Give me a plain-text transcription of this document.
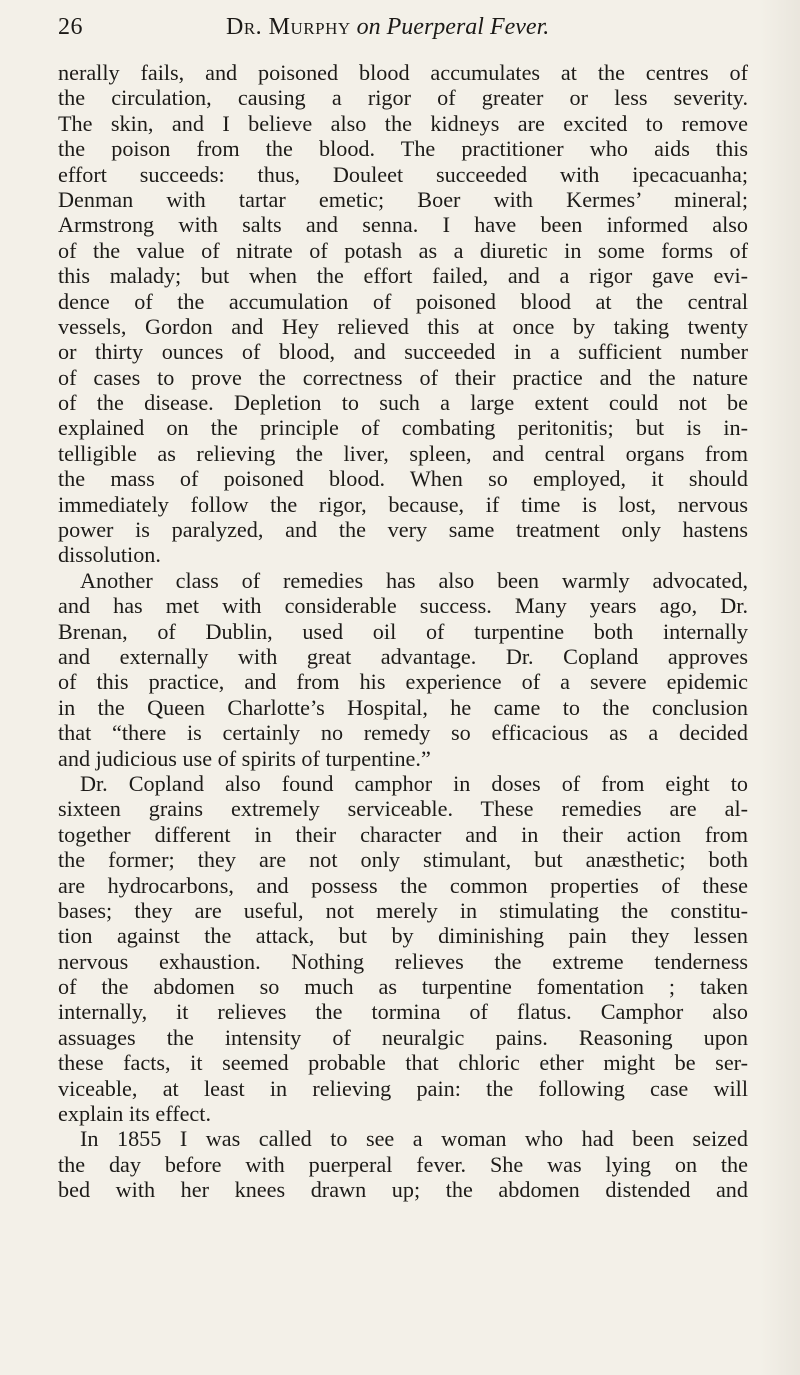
26	Dr. Murphy on Puerperal Fever.
nerally fails, and poisoned blood accumulates at the centres of
the circulation, causing a rigor of greater or less severity.
The skin, and I believe also the kidneys are excited to remove
the poison from the blood. The practitioner who aids this
effort succeeds: thus, Douleet succeeded with ipecacuanha;
Denman with tartar emetic; Boer with Kermes’ mineral;
Armstrong with salts and senna. I have been informed also
of the value of nitrate of potash as a diuretic in some forms of
this malady; but when the effort failed, and a rigor gave evi-
dence of the accumulation of poisoned blood at the central
vessels, Gordon and Hey relieved this at once by taking twenty
or thirty ounces of blood, and succeeded in a sufficient number
of cases to prove the correctness of their practice and the nature
of the disease. Depletion to such a large extent could not be
explained on the principle of combating peritonitis; but is in-
telligible as relieving the liver, spleen, and central organs from
the mass of poisoned blood. When so employed, it should
immediately follow the rigor, because, if time is lost, nervous
power is paralyzed, and the very same treatment only hastens
dissolution.
Another class of remedies has also been warmly advocated,
and has met with considerable success. Many years ago, Dr.
Brenan, of Dublin, used oil of turpentine both internally
and externally with great advantage. Dr. Copland approves
of this practice, and from his experience of a severe epidemic
in the Queen Charlotte’s Hospital, he came to the conclusion
that “there is certainly no remedy so efficacious as a decided
and judicious use of spirits of turpentine.”
Dr. Copland also found camphor in doses of from eight to
sixteen grains extremely serviceable. These remedies are al-
together different in their character and in their action from
the former; they are not only stimulant, but anæsthetic; both
are hydrocarbons, and possess the common properties of these
bases; they are useful, not merely in stimulating the constitu-
tion against the attack, but by diminishing pain they lessen
nervous exhaustion. Nothing relieves the extreme tenderness
of the abdomen so much as turpentine fomentation ; taken
internally, it relieves the tormina of flatus. Camphor also
assuages the intensity of neuralgic pains. Reasoning upon
these facts, it seemed probable that chloric ether might be ser-
viceable, at least in relieving pain: the following case will
explain its effect.
In 1855 I was called to see a woman who had been seized
the day before with puerperal fever. She was lying on the
bed with her knees drawn up; the abdomen distended and
